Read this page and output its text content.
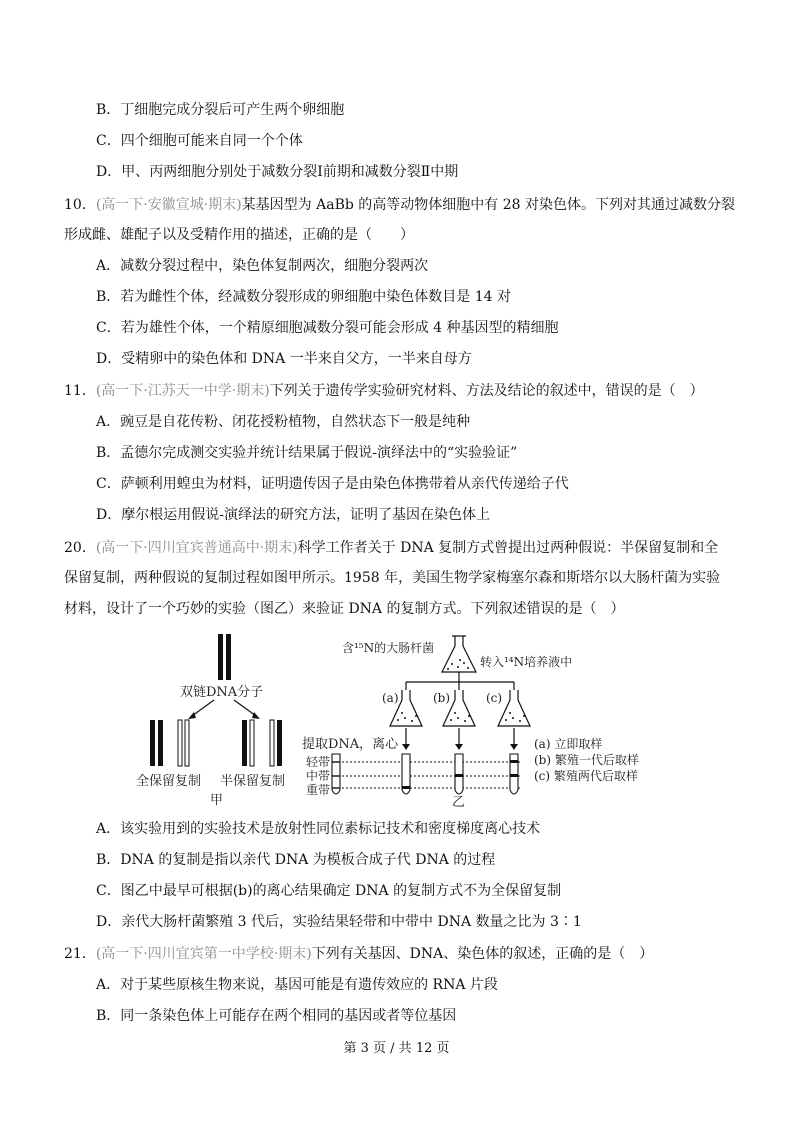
B．丁细胞完成分裂后可产生两个卵细胞
C．四个细胞可能来自同一个个体
D．甲、丙两细胞分别处于减数分裂Ⅰ前期和减数分裂Ⅱ中期
10．(高一下·安徽宣城·期末)某基因型为 AaBb 的高等动物体细胞中有 28 对染色体。下列对其通过减数分裂
形成雌、雄配子以及受精作用的描述，正确的是（　　）
A．减数分裂过程中，染色体复制两次，细胞分裂两次
B．若为雌性个体，经减数分裂形成的卵细胞中染色体数目是 14 对
C．若为雄性个体，一个精原细胞减数分裂可能会形成 4 种基因型的精细胞
D．受精卵中的染色体和 DNA 一半来自父方，一半来自母方
11．(高一下·江苏天一中学·期末)下列关于遗传学实验研究材料、方法及结论的叙述中，错误的是（　）
A．豌豆是自花传粉、闭花授粉植物，自然状态下一般是纯种
B．孟德尔完成测交实验并统计结果属于假说-演绎法中的“实验验证”
C．萨顿利用蝗虫为材料，证明遗传因子是由染色体携带着从亲代传递给子代
D．摩尔根运用假说-演绎法的研究方法，证明了基因在染色体上
20．(高一下·四川宜宾普通高中·期末)科学工作者关于 DNA 复制方式曾提出过两种假说：半保留复制和全
保留复制，两种假说的复制过程如图甲所示。1958 年，美国生物学家梅塞尔森和斯塔尔以大肠杆菌为实验
材料，设计了一个巧妙的实验（图乙）来验证 DNA 的复制方式。下列叙述错误的是（　）
双链DNA分子
全保留复制 半保留复制
甲
含¹⁵N的大肠杆菌
转入¹⁴N培养液中
(a)	(b)	(c)
提取DNA，离心
轻带
中带
重带
(a) 立即取样
(b) 繁殖一代后取样
(c) 繁殖两代后取样
乙
A．该实验用到的实验技术是放射性同位素标记技术和密度梯度离心技术
B．DNA 的复制是指以亲代 DNA 为模板合成子代 DNA 的过程
C．图乙中最早可根据(b)的离心结果确定 DNA 的复制方式不为全保留复制
D．亲代大肠杆菌繁殖 3 代后，实验结果轻带和中带中 DNA 数量之比为 3∶1
21．(高一下·四川宜宾第一中学校·期末)下列有关基因、DNA、染色体的叙述，正确的是（　）
A．对于某些原核生物来说，基因可能是有遗传效应的 RNA 片段
B．同一条染色体上可能存在两个相同的基因或者等位基因
第 3 页 / 共 12 页
